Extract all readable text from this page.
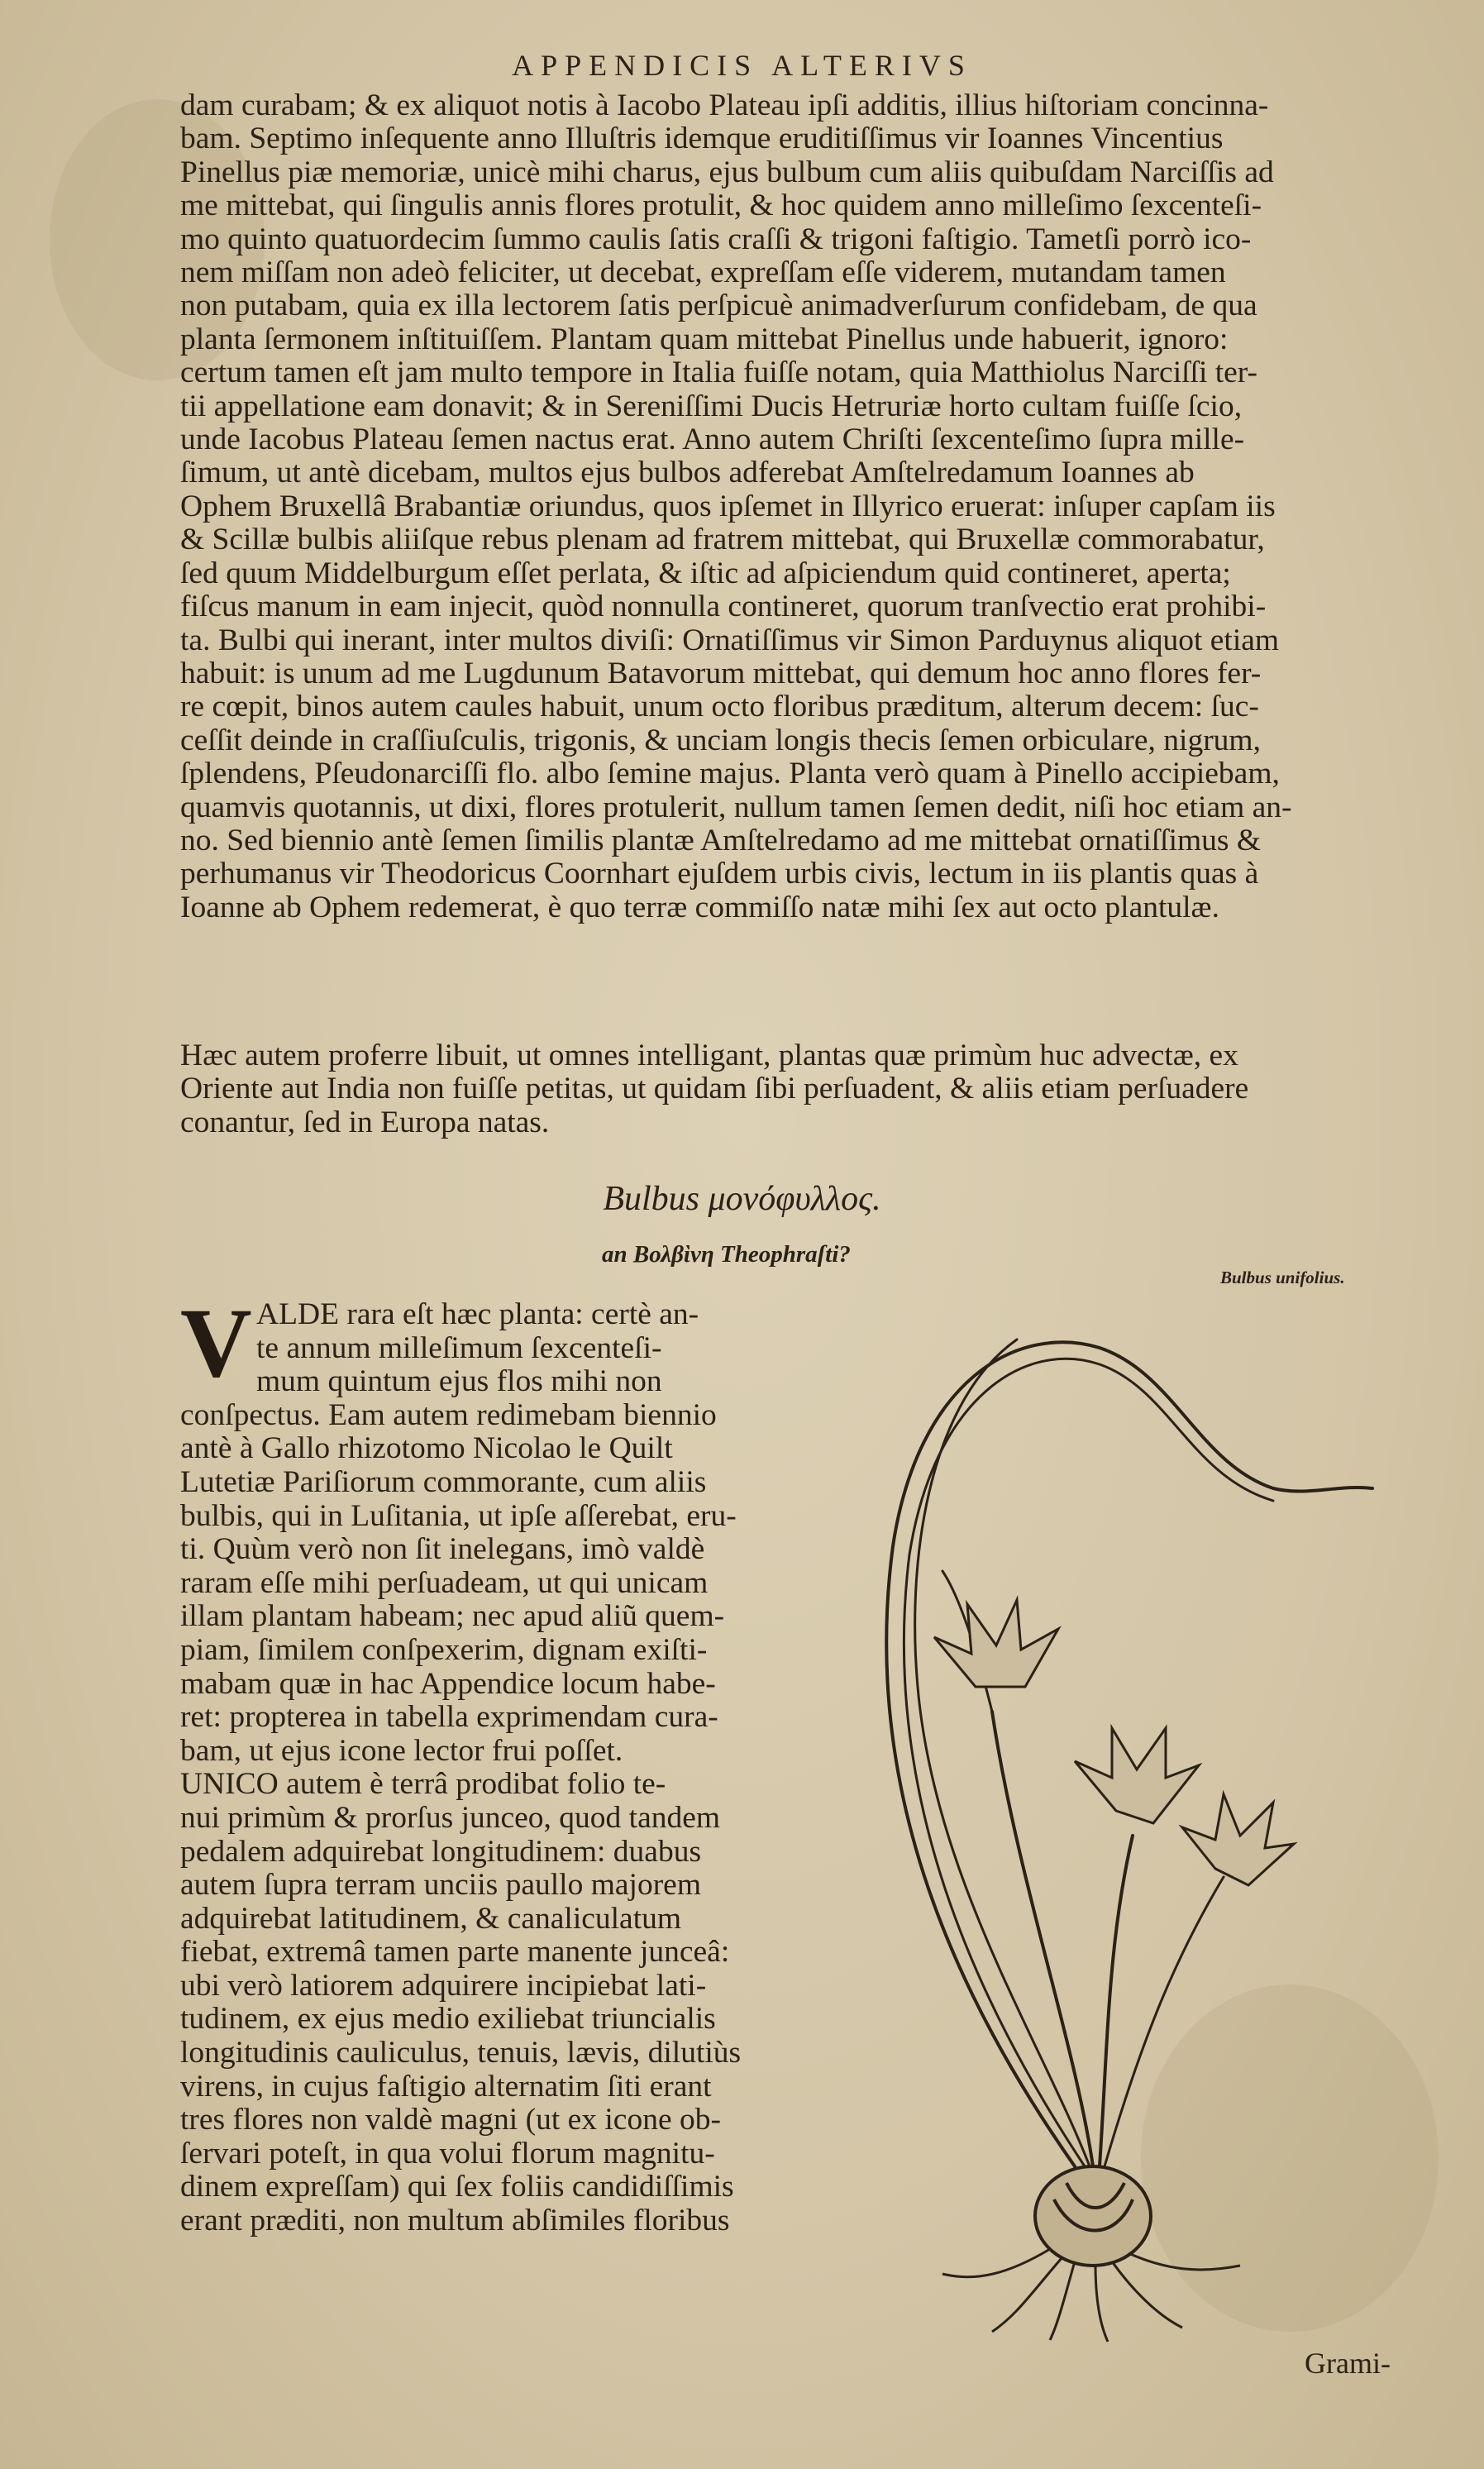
APPENDICIS ALTERIVS
dam curabam; & ex aliquot notis à Iacobo Plateau ipſi additis, illius hiſtoriam concinna-
bam. Septimo inſequente anno Illuſtris idemque eruditiſſimus vir Ioannes Vincentius
Pinellus piæ memoriæ, unicè mihi charus, ejus bulbum cum aliis quibuſdam Narciſſis ad
me mittebat, qui ſingulis annis flores protulit, & hoc quidem anno milleſimo ſexcenteſi-
mo quinto quatuordecim ſummo caulis ſatis craſſi & trigoni faſtigio. Tametſi porrò ico-
nem miſſam non adeò feliciter, ut decebat, expreſſam eſſe viderem, mutandam tamen
non putabam, quia ex illa lectorem ſatis perſpicuè animadverſurum confidebam, de qua
planta ſermonem inſtituiſſem. Plantam quam mittebat Pinellus unde habuerit, ignoro:
certum tamen eſt jam multo tempore in Italia fuiſſe notam, quia Matthiolus Narciſſi ter-
tii appellatione eam donavit; & in Sereniſſimi Ducis Hetruriæ horto cultam fuiſſe ſcio,
unde Iacobus Plateau ſemen nactus erat. Anno autem Chriſti ſexcenteſimo ſupra mille-
ſimum, ut antè dicebam, multos ejus bulbos adferebat Amſtelredamum Ioannes ab
Ophem Bruxellâ Brabantiæ oriundus, quos ipſemet in Illyrico eruerat: inſuper capſam iis
& Scillæ bulbis aliiſque rebus plenam ad fratrem mittebat, qui Bruxellæ commorabatur,
ſed quum Middelburgum eſſet perlata, & iſtic ad aſpiciendum quid contineret, aperta;
fiſcus manum in eam injecit, quòd nonnulla contineret, quorum tranſvectio erat prohibi-
ta. Bulbi qui inerant, inter multos diviſi: Ornatiſſimus vir Simon Parduynus aliquot etiam
habuit: is unum ad me Lugdunum Batavorum mittebat, qui demum hoc anno flores fer-
re cœpit, binos autem caules habuit, unum octo floribus præditum, alterum decem: ſuc-
ceſſit deinde in craſſiuſculis, trigonis, & unciam longis thecis ſemen orbiculare, nigrum,
ſplendens, Pſeudonarciſſi flo. albo ſemine majus. Planta verò quam à Pinello accipiebam,
quamvis quotannis, ut dixi, flores protulerit, nullum tamen ſemen dedit, niſi hoc etiam an-
no. Sed biennio antè ſemen ſimilis plantæ Amſtelredamo ad me mittebat ornatiſſimus &
perhumanus vir Theodoricus Coornhart ejuſdem urbis civis, lectum in iis plantis quas à
Ioanne ab Ophem redemerat, è quo terræ commiſſo natæ mihi ſex aut octo plantulæ.
Hæc autem proferre libuit, ut omnes intelligant, plantas quæ primùm huc advectæ, ex
Oriente aut India non fuiſſe petitas, ut quidam ſibi perſuadent, & aliis etiam perſuadere
conantur, ſed in Europa natas.
Bulbus μονόφυλλος.
an Βολβὶνη Theophraſti?
Bulbus unifolius.
V ALDE rara eſt hæc planta: certè an-
te annum milleſimum ſexcenteſi-
mum quintum ejus flos mihi non
conſpectus. Eam autem redimebam biennio
antè à Gallo rhizotomo Nicolao le Quilt
Lutetiæ Pariſiorum commorante, cum aliis
bulbis, qui in Luſitania, ut ipſe aſſerebat, eru-
ti. Quùm verò non ſit inelegans, imò valdè
raram eſſe mihi perſuadeam, ut qui unicam
illam plantam habeam; nec apud aliũ quem-
piam, ſimilem conſpexerim, dignam exiſti-
mabam quæ in hac Appendice locum habe-
ret: propterea in tabella exprimendam cura-
bam, ut ejus icone lector frui poſſet.
UNICO autem è terrâ prodibat folio te-
nui primùm & prorſus junceo, quod tandem
pedalem adquirebat longitudinem: duabus
autem ſupra terram unciis paullo majorem
adquirebat latitudinem, & canaliculatum
fiebat, extremâ tamen parte manente junceâ:
ubi verò latiorem adquirere incipiebat lati-
tudinem, ex ejus medio exiliebat triuncialis
longitudinis cauliculus, tenuis, lævis, dilutiùs
virens, in cujus faſtigio alternatim ſiti erant
tres flores non valdè magni (ut ex icone ob-
ſervari poteſt, in qua volui florum magnitu-
dinem expreſſam) qui ſex foliis candidiſſimis
erant præditi, non multum abſimiles floribus
Grami-
